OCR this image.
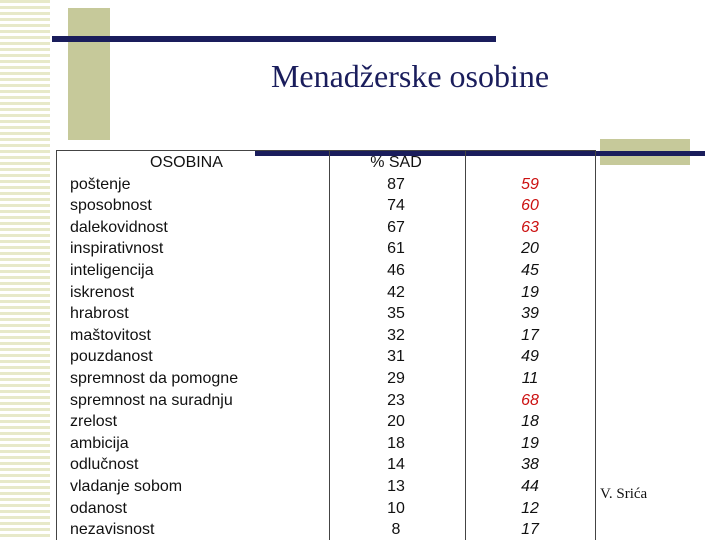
Menadžerske osobine
OSOBINA
poštenje
sposobnost
dalekovidnost
inspirativnost
inteligencija
iskrenost
hrabrost
maštovitost
pouzdanost
spremnost da pomogne
spremnost na suradnju
zrelost
ambicija
odlučnost
vladanje sobom
odanost
nezavisnost
% SAD
87
74
67
61
46
42
35
32
31
29
23
20
18
14
13
10
8
59
60
63
20
45
19
39
17
49
11
68
18
19
38
44
12
17

V. Srića
